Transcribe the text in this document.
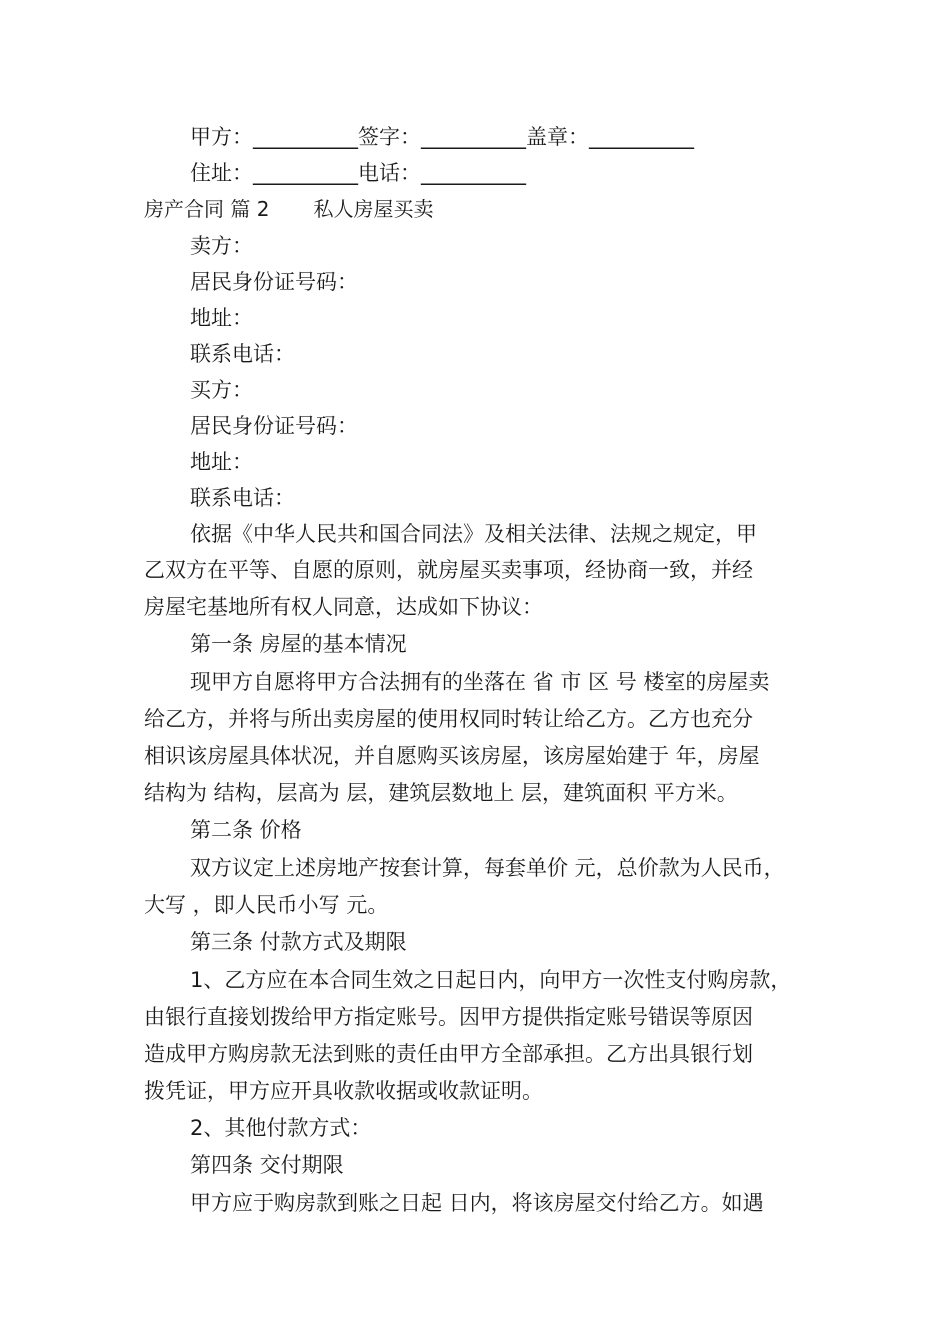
甲方：__________签字：__________盖章：__________
住址：__________电话：__________
房产合同 篇 2 私人房屋买卖
卖方：
居民身份证号码：
地址：
联系电话：
买方：
居民身份证号码：
地址：
联系电话：
依据《中华人民共和国合同法》及相关法律、法规之规定，甲
乙双方在平等、自愿的原则，就房屋买卖事项，经协商一致，并经
房屋宅基地所有权人同意，达成如下协议：
第一条 房屋的基本情况
现甲方自愿将甲方合法拥有的坐落在 省 市 区 号 楼室的房屋卖
给乙方，并将与所出卖房屋的使用权同时转让给乙方。乙方也充分
相识该房屋具体状况，并自愿购买该房屋，该房屋始建于 年，房屋
结构为 结构，层高为 层，建筑层数地上 层，建筑面积 平方米。
第二条 价格
双方议定上述房地产按套计算，每套单价 元，总价款为人民币，
大写 ，即人民币小写 元。
第三条 付款方式及期限
1、乙方应在本合同生效之日起日内，向甲方一次性支付购房款，
由银行直接划拨给甲方指定账号。因甲方提供指定账号错误等原因
造成甲方购房款无法到账的责任由甲方全部承担。乙方出具银行划
拨凭证，甲方应开具收款收据或收款证明。
2、其他付款方式：
第四条 交付期限
甲方应于购房款到账之日起 日内，将该房屋交付给乙方。如遇
